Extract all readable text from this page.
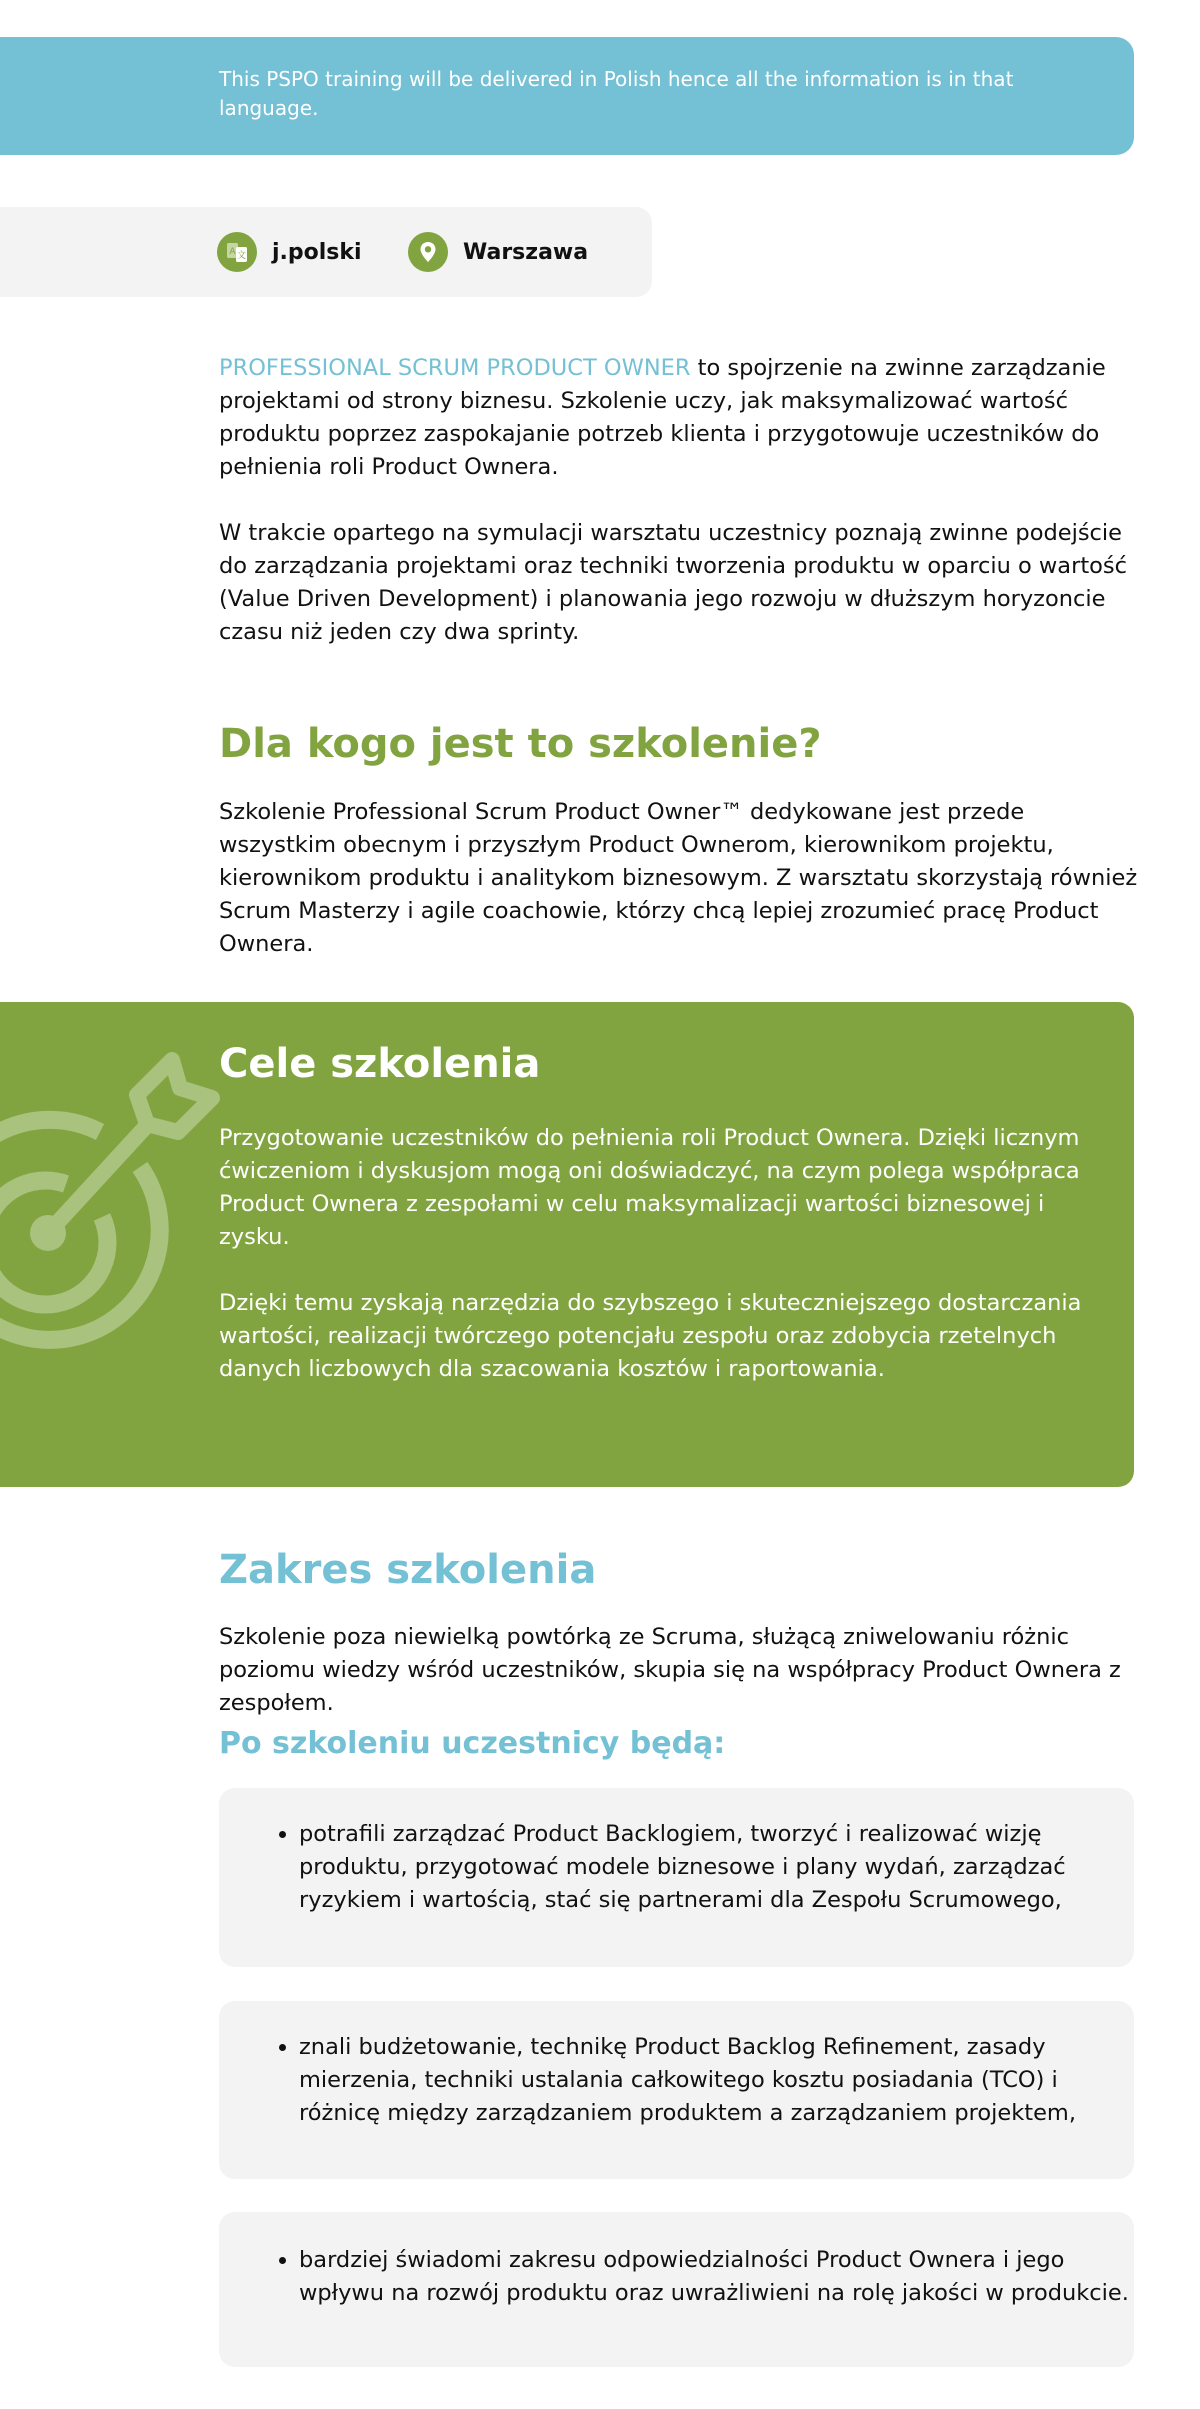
This PSPO training will be delivered in Polish hence all the information is in that language.
A 文 j.polski	Warszawa

PROFESSIONAL SCRUM PRODUCT OWNER to spojrzenie na zwinne zarządzanie projektami od strony biznesu. Szkolenie uczy, jak maksymalizować wartość produktu poprzez zaspokajanie potrzeb klienta i przygotowuje uczestników do pełnienia roli Product Ownera.

W trakcie opartego na symulacji warsztatu uczestnicy poznają zwinne podejście do zarządzania projektami oraz techniki tworzenia produktu w oparciu o wartość (Value Driven Development) i planowania jego rozwoju w dłuższym horyzoncie czasu niż jeden czy dwa sprinty.

Dla kogo jest to szkolenie?

Szkolenie Professional Scrum Product Owner™ dedykowane jest przede wszystkim obecnym i przyszłym Product Ownerom, kierownikom projektu, kierownikom produktu i analitykom biznesowym. Z warsztatu skorzystają również Scrum Masterzy i agile coachowie, którzy chcą lepiej zrozumieć pracę Product Ownera.

Cele szkolenia

Przygotowanie uczestników do pełnienia roli Product Ownera. Dzięki licznym ćwiczeniom i dyskusjom mogą oni doświadczyć, na czym polega współpraca Product Ownera z zespołami w celu maksymalizacji wartości biznesowej i zysku.

Dzięki temu zyskają narzędzia do szybszego i skuteczniejszego dostarczania wartości, realizacji twórczego potencjału zespołu oraz zdobycia rzetelnych danych liczbowych dla szacowania kosztów i raportowania.

Zakres szkolenia

Szkolenie poza niewielką powtórką ze Scruma, służącą zniwelowaniu różnic poziomu wiedzy wśród uczestników, skupia się na współpracy Product Ownera z zespołem.

Po szkoleniu uczestnicy będą:
• potrafili zarządzać Product Backlogiem, tworzyć i realizować wizję produktu, przygotować modele biznesowe i plany wydań, zarządzać ryzykiem i wartością, stać się partnerami dla Zespołu Scrumowego,
• znali budżetowanie, technikę Product Backlog Refinement, zasady mierzenia, techniki ustalania całkowitego kosztu posiadania (TCO) i różnicę między zarządzaniem produktem a zarządzaniem projektem,
• bardziej świadomi zakresu odpowiedzialności Product Ownera i jego wpływu na rozwój produktu oraz uwrażliwieni na rolę jakości w produkcie.
